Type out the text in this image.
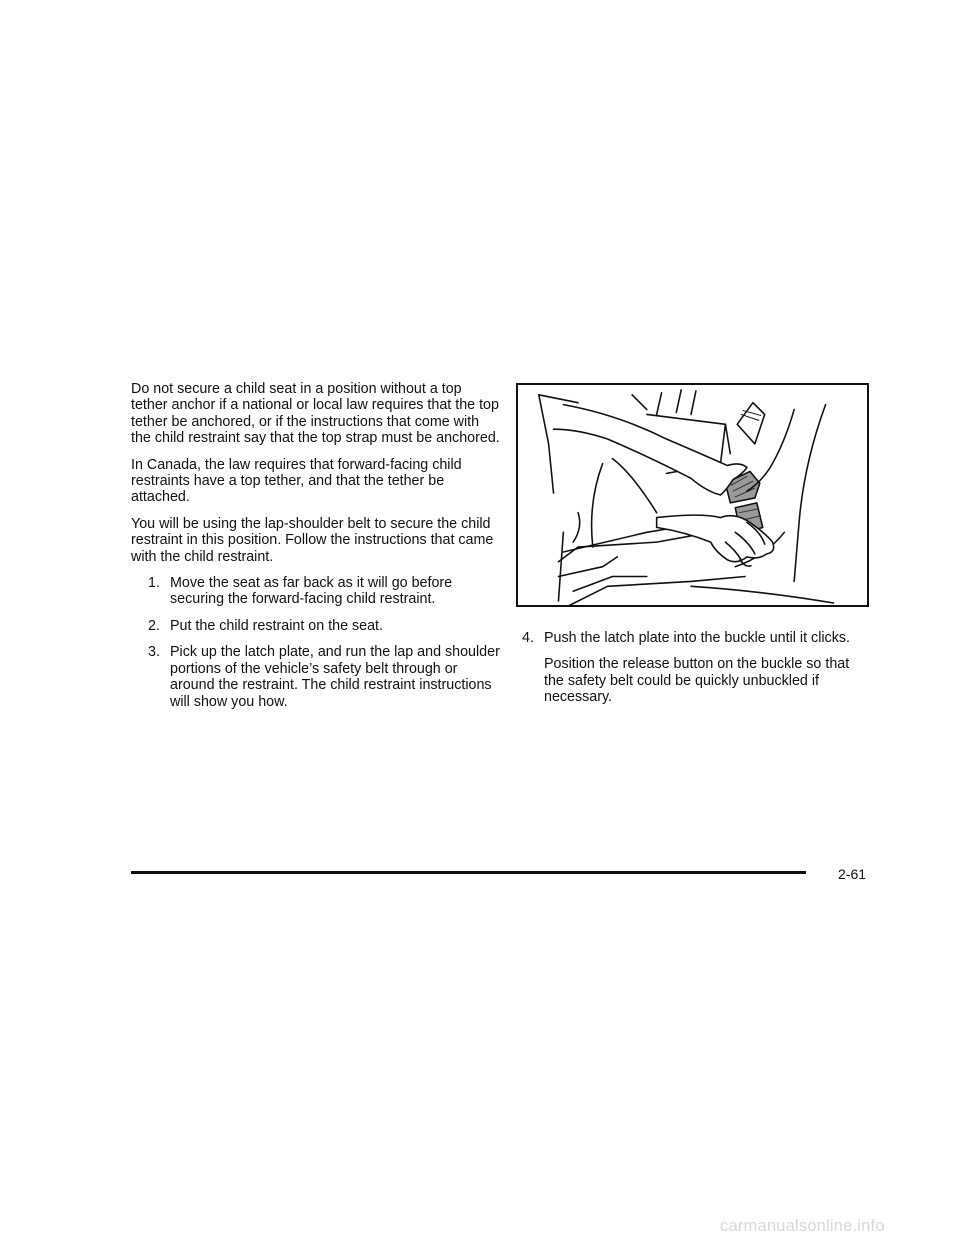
Do not secure a child seat in a position without a top tether anchor if a national or local law requires that the top tether be anchored, or if the instructions that come with the child restraint say that the top strap must be anchored.

In Canada, the law requires that forward-facing child restraints have a top tether, and that the tether be attached.

You will be using the lap-shoulder belt to secure the child restraint in this position. Follow the instructions that came with the child restraint.

1. Move the seat as far back as it will go before securing the forward-facing child restraint.
2. Put the child restraint on the seat.
3. Pick up the latch plate, and run the lap and shoulder portions of the vehicle’s safety belt through or around the restraint. The child restraint instructions will show you how.
4. Push the latch plate into the buckle until it clicks.

Position the release button on the buckle so that the safety belt could be quickly unbuckled if necessary.

2-61
carmanualsonline.info
